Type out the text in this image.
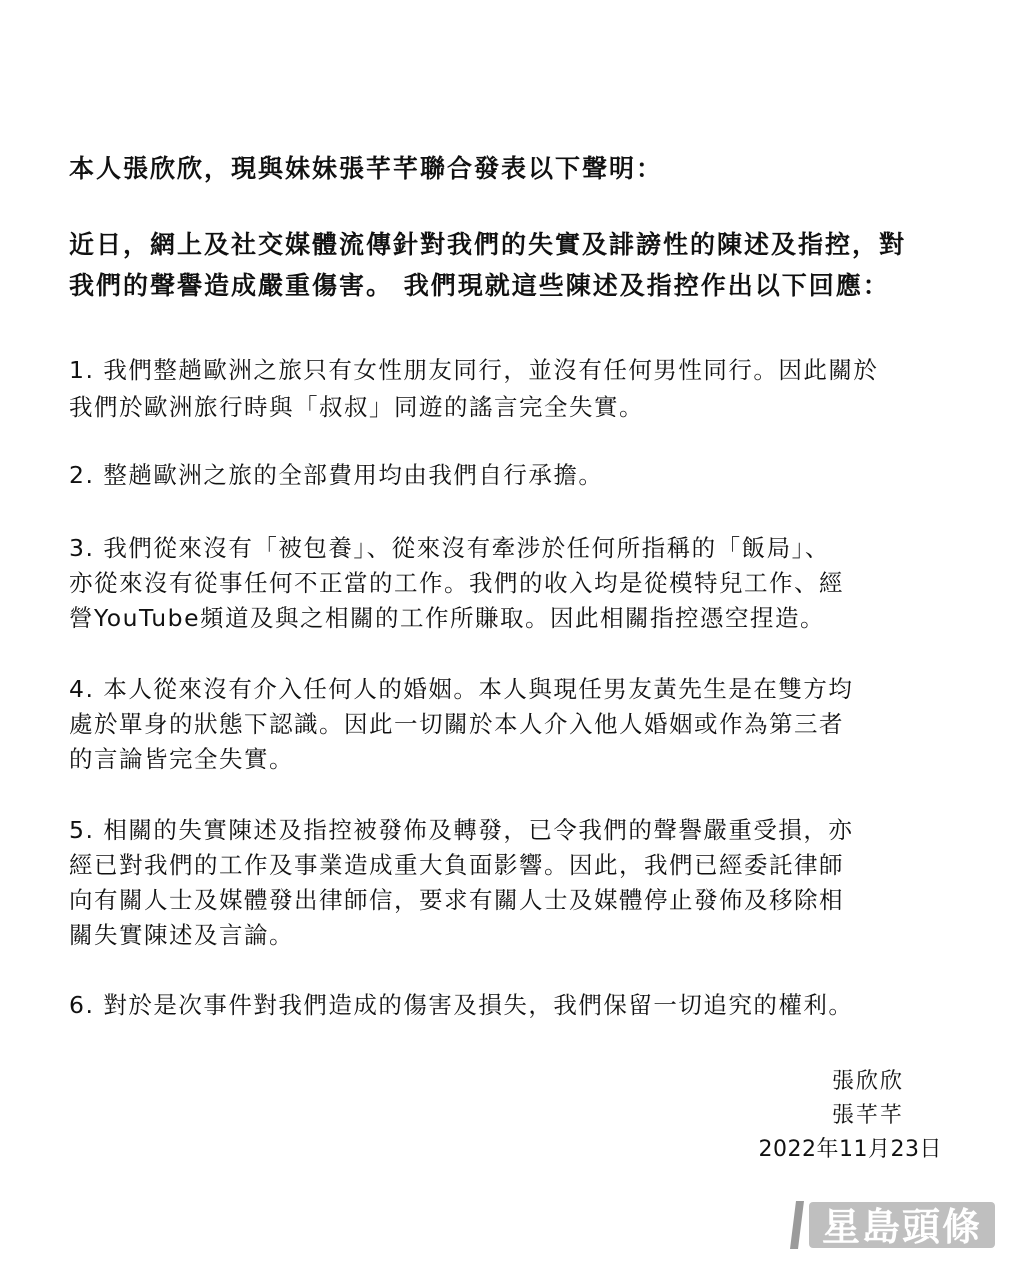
本人張欣欣，現與妹妹張芊芊聯合發表以下聲明：
近日，網上及社交媒體流傳針對我們的失實及誹謗性的陳述及指控，對
我們的聲譽造成嚴重傷害。 我們現就這些陳述及指控作出以下回應：
1. 我們整趟歐洲之旅只有女性朋友同行，並沒有任何男性同行。因此關於
我們於歐洲旅行時與「叔叔」同遊的謠言完全失實。
2. 整趟歐洲之旅的全部費用均由我們自行承擔。
3. 我們從來沒有「被包養」、從來沒有牽涉於任何所指稱的「飯局」、
亦從來沒有從事任何不正當的工作。我們的收入均是從模特兒工作、經
營YouTube頻道及與之相關的工作所賺取。因此相關指控憑空捏造。
4. 本人從來沒有介入任何人的婚姻。本人與現任男友黃先生是在雙方均
處於單身的狀態下認識。因此一切關於本人介入他人婚姻或作為第三者
的言論皆完全失實。
5. 相關的失實陳述及指控被發佈及轉發，已令我們的聲譽嚴重受損，亦
經已對我們的工作及事業造成重大負面影響。因此，我們已經委託律師
向有關人士及媒體發出律師信，要求有關人士及媒體停止發佈及移除相
關失實陳述及言論。
6. 對於是次事件對我們造成的傷害及損失，我們保留一切追究的權利。
張欣欣
張芊芊
2022年11月23日
星島頭條
